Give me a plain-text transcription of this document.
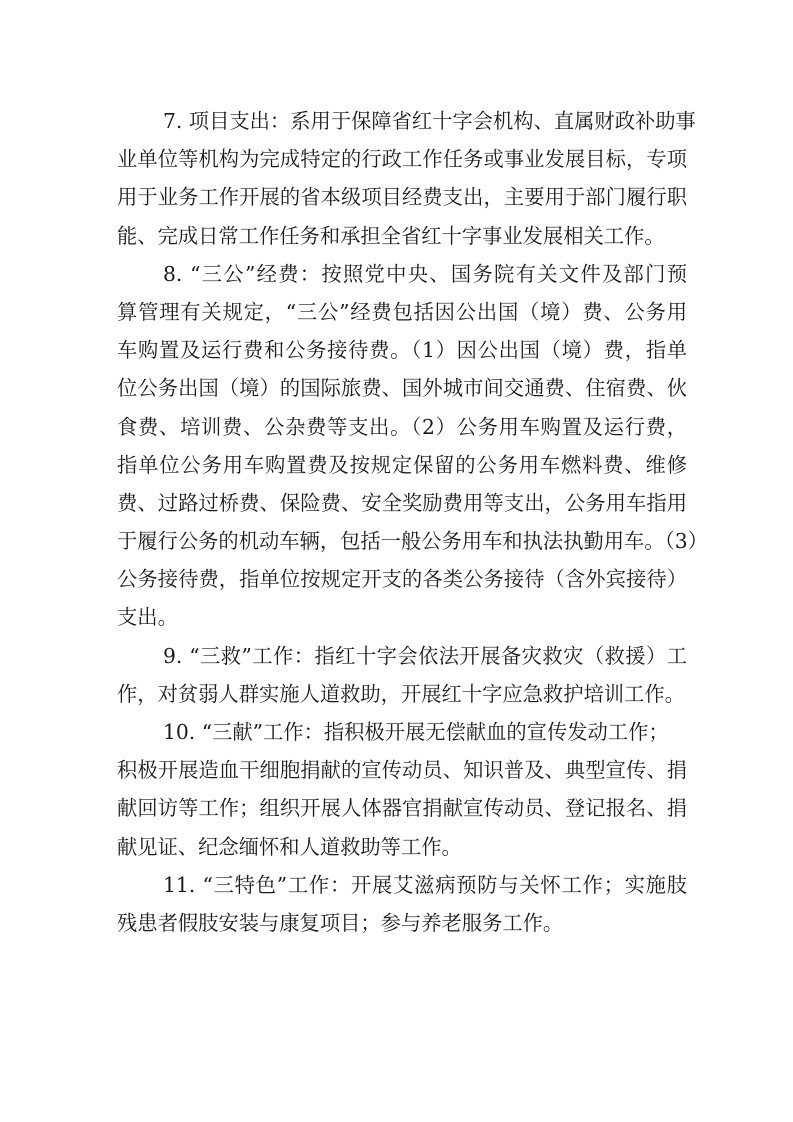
7. 项目支出：系用于保障省红十字会机构、直属财政补助事
业单位等机构为完成特定的行政工作任务或事业发展目标，专项
用于业务工作开展的省本级项目经费支出，主要用于部门履行职
能、完成日常工作任务和承担全省红十字事业发展相关工作。
8. “三公”经费：按照党中央、国务院有关文件及部门预
算管理有关规定，“三公”经费包括因公出国（境）费、公务用
车购置及运行费和公务接待费。（1）因公出国（境）费，指单
位公务出国（境）的国际旅费、国外城市间交通费、住宿费、伙
食费、培训费、公杂费等支出。（2）公务用车购置及运行费，
指单位公务用车购置费及按规定保留的公务用车燃料费、维修
费、过路过桥费、保险费、安全奖励费用等支出，公务用车指用
于履行公务的机动车辆，包括一般公务用车和执法执勤用车。（3）
公务接待费，指单位按规定开支的各类公务接待（含外宾接待）
支出。
9. “三救”工作：指红十字会依法开展备灾救灾（救援）工
作，对贫弱人群实施人道救助，开展红十字应急救护培训工作。
10. “三献”工作：指积极开展无偿献血的宣传发动工作；
积极开展造血干细胞捐献的宣传动员、知识普及、典型宣传、捐
献回访等工作；组织开展人体器官捐献宣传动员、登记报名、捐
献见证、纪念缅怀和人道救助等工作。
11. “三特色”工作：开展艾滋病预防与关怀工作；实施肢
残患者假肢安装与康复项目；参与养老服务工作。
